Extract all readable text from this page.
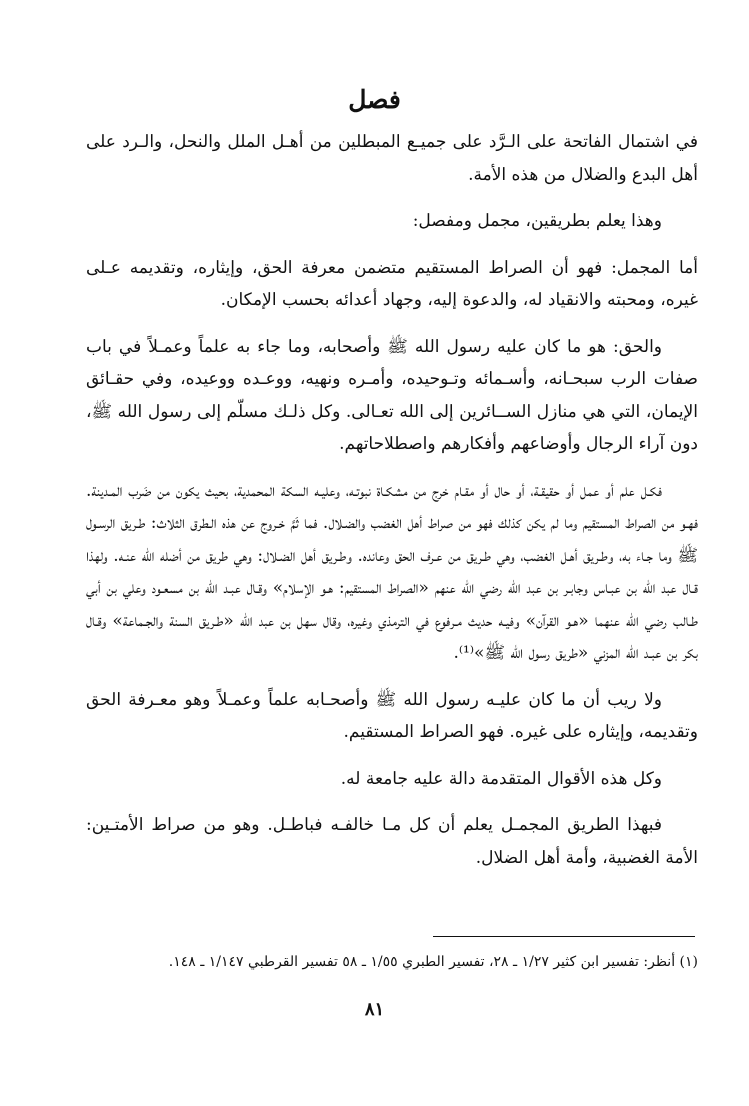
فصل

في اشتمال الفاتحة على الـرَّد على جميـع المبطلين من أهـل الملل والنحل، والـرد على أهل البدع والضلال من هذه الأمة.

وهذا يعلم بطريقين، مجمل ومفصل:

أما المجمل: فهو أن الصراط المستقيم متضمن معرفة الحق، وإيثاره، وتقديمه عـلى غيره، ومحبته والانقياد له، والدعوة إليه، وجهاد أعدائه بحسب الإمكان.

والحق: هو ما كان عليه رسول الله ﷺ وأصحابه، وما جاء به علماً وعمـلاً في باب صفات الرب سبحـانه، وأسـمائه وتـوحيده، وأمـره ونهيه، ووعـده ووعيده، وفي حقـائق الإيمان، التي هي منازل الســائرين إلى الله تعـالى. وكل ذلـك مسلّم إلى رسول الله ﷺ، دون آراء الرجال وأوضاعهم وأفكارهم واصطلاحاتهم.

فكـل علم أو عمل أو حقيقـة، أو حال أو مقـام خرج من مشكـاة نبوتـه، وعليـه السكة المحمدية، بحيث يكون من ضَرب المـدينة. فهـو من الصراط المستقيم وما لم يكن كذلك فهو من صراط أهل الغضب والضـلال. فما ثَمَّ خـروج عن هذه الـطرق الثلاث: طـريق الرسـول ﷺ وما جـاء به، وطـريق أهـل الغضب، وهي طـريق من عـرف الحق وعانده. وطـريق أهل الضـلال: وهي طريق من أضله الله عنـه. ولهذا قـال عبد الله بن عبـاس وجابـر بن عبد الله رضي الله عنهم «الصراط المستقيم: هـو الإسلام» وقـال عبـد الله بن مسعـود وعلي بن أبي طـالب رضي الله عنهما «هـو القرآن» وفيـه حديث مـرفوع في الترمذي وغيره، وقال سهل بن عبد الله «طـريق السنة والجـماعة» وقـال بكر بن عبـد الله المزني «طريق رسول الله ﷺ»⁽¹⁾.

ولا ريب أن ما كان عليـه رسول الله ﷺ وأصحـابه علماً وعمـلاً وهو معـرفة الحق وتقديمه، وإيثاره على غيره. فهو الصراط المستقيم.

وكل هذه الأقوال المتقدمة دالة عليه جامعة له.

فبهذا الطريق المجمـل يعلم أن كل مـا خالفـه فباطـل. وهو من صراط الأمتـين: الأمة الغضبية، وأمة أهل الضلال.

(١) أنظر: تفسير ابن كثير ١/٢٧ ـ ٢٨، تفسير الطبري ١/٥٥ ـ ٥٨ تفسير القرطبي ١/١٤٧ ـ ١٤٨.
٨١
